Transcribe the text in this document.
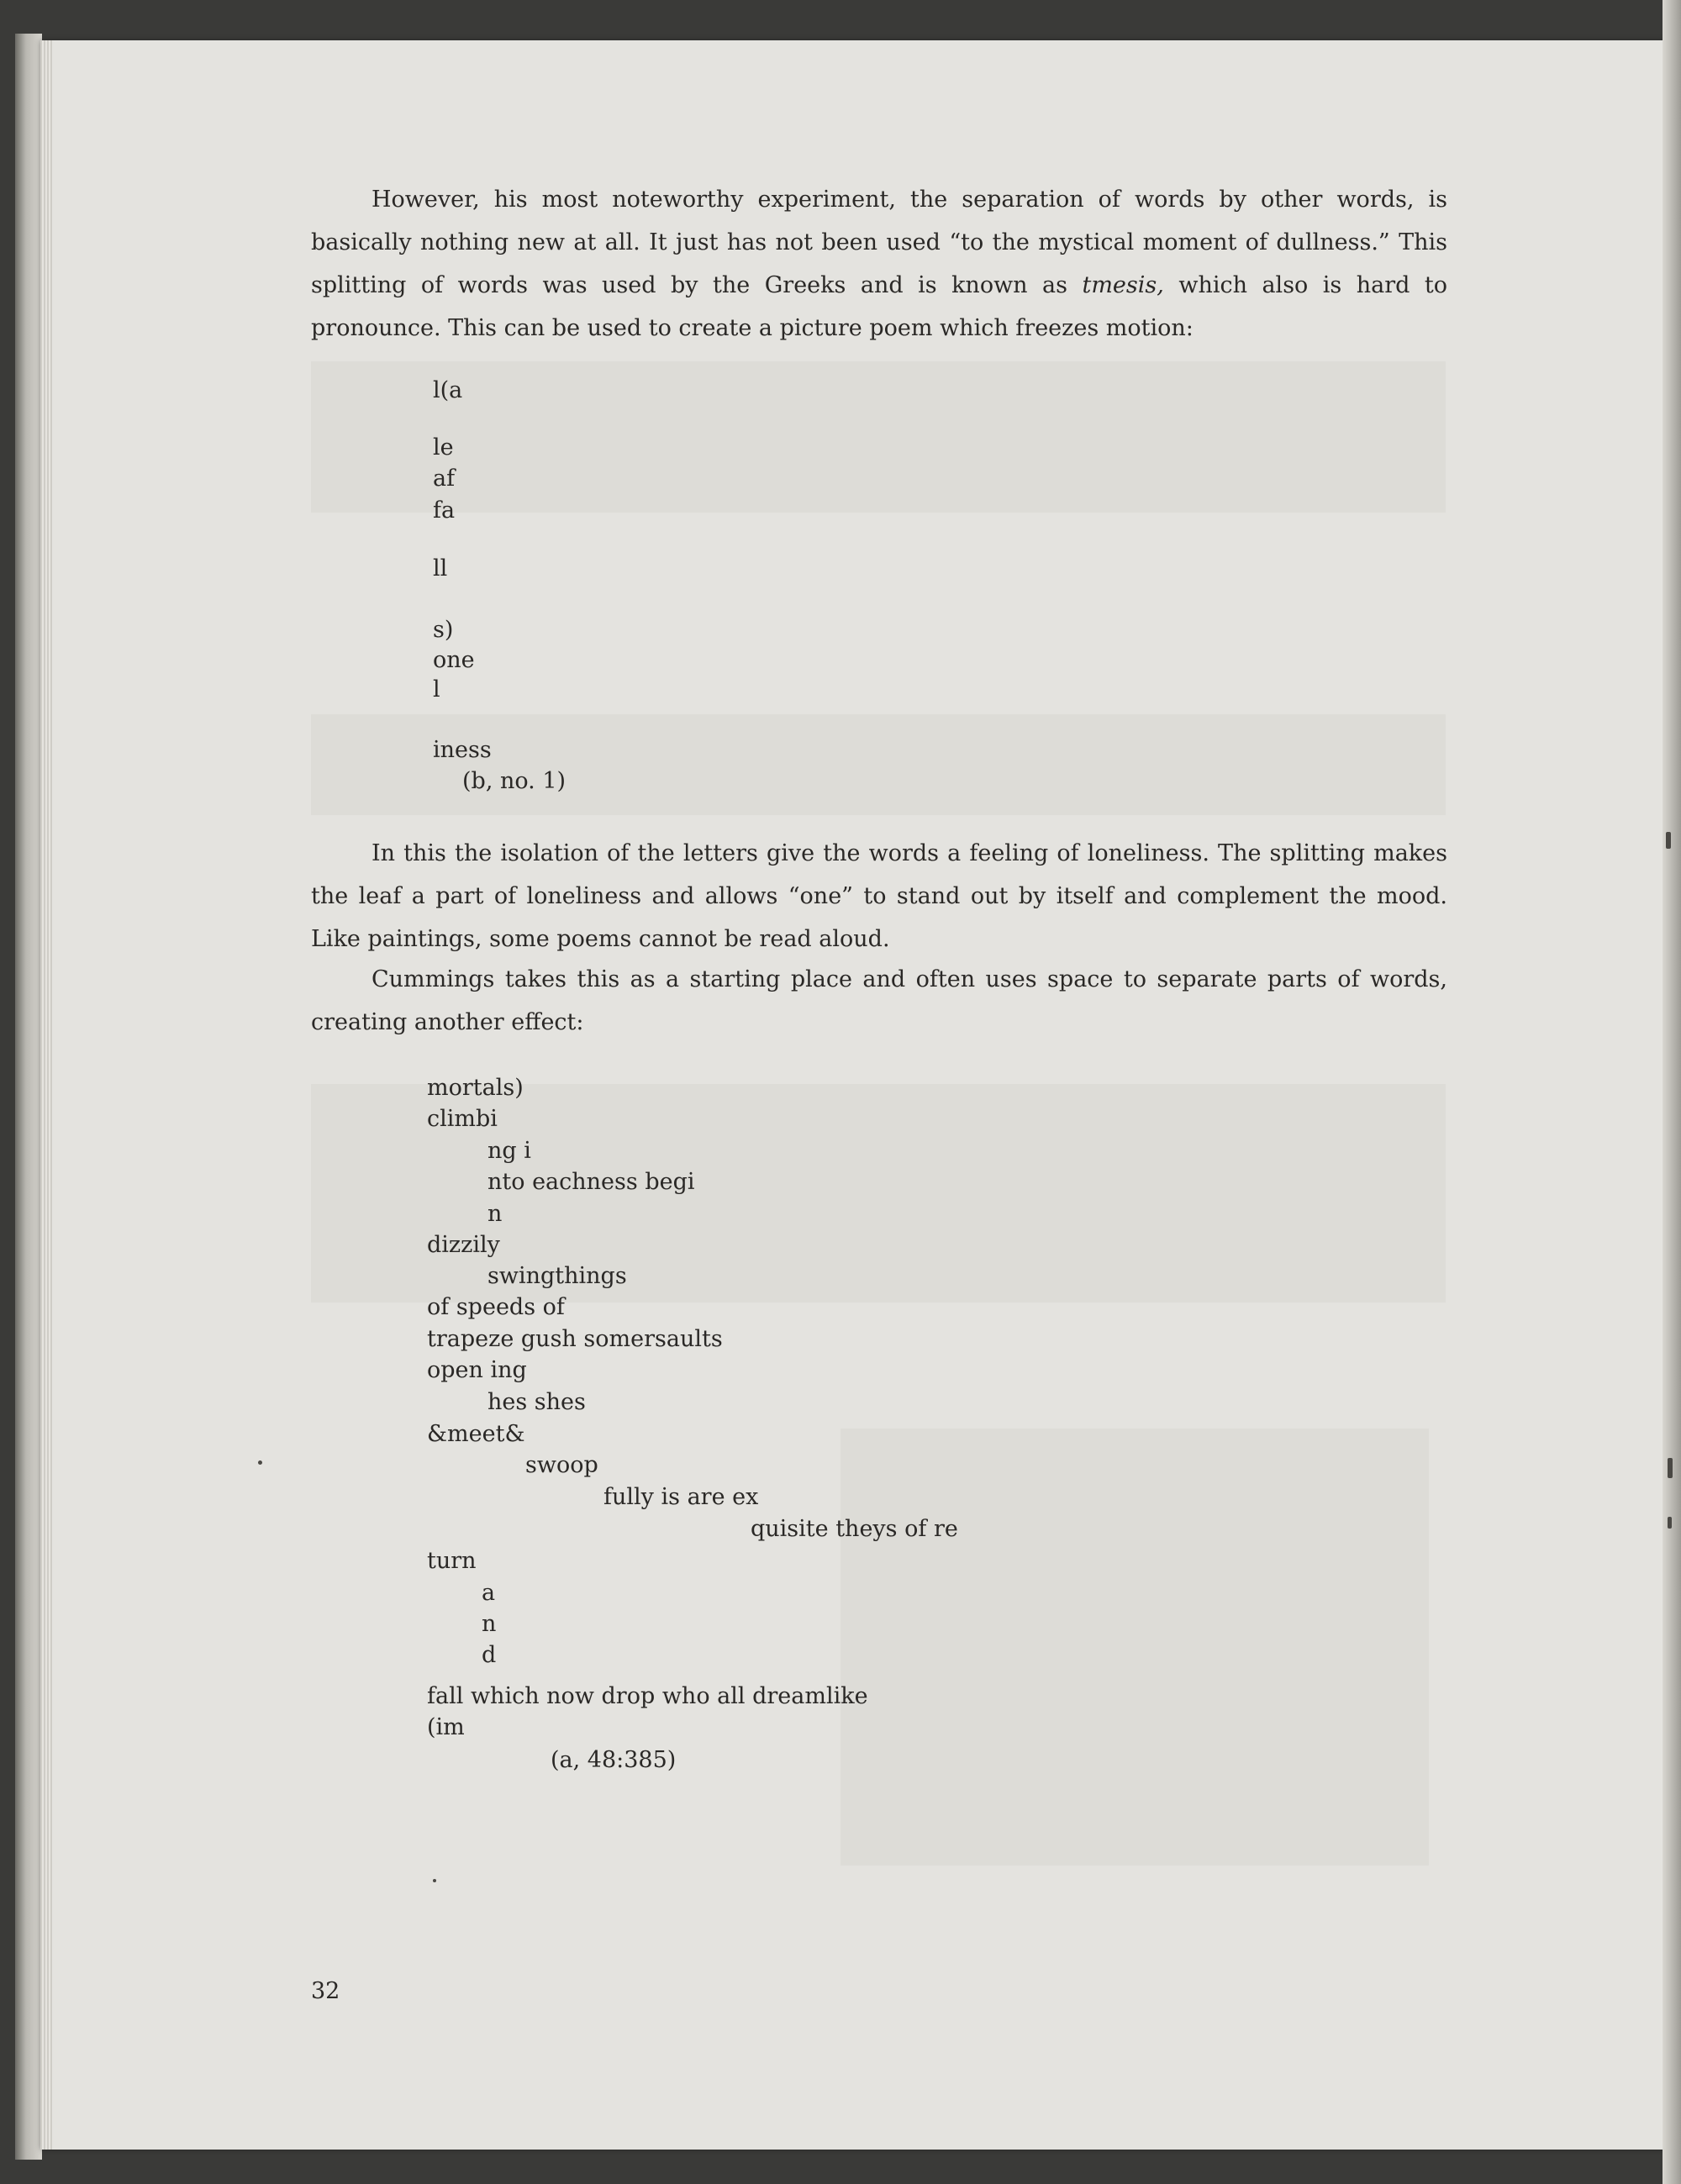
However, his most noteworthy experiment, the separation of words by other words, is basically nothing new at all. It just has not been used “to the mystical moment of dullness.” This splitting of words was used by the Greeks and is known as tmesis, which also is hard to pronounce. This can be used to create a picture poem which freezes motion:

l(a
le
af
fa
ll
s)
one
l
iness
(b, no. 1)

In this the isolation of the letters give the words a feeling of loneliness. The splitting makes the leaf a part of loneliness and allows “one” to stand out by itself and complement the mood. Like paintings, some poems cannot be read aloud.

Cummings takes this as a starting place and often uses space to separate parts of words, creating another effect:

mortals)
climbi
ng i
nto eachness begi
n
dizzily
swingthings
of speeds of
trapeze gush somersaults
open ing
hes shes
&meet&
swoop
fully is are ex
quisite theys of re
turn
a
n
d
fall which now drop who all dreamlike
(im
(a, 48:385)
32
